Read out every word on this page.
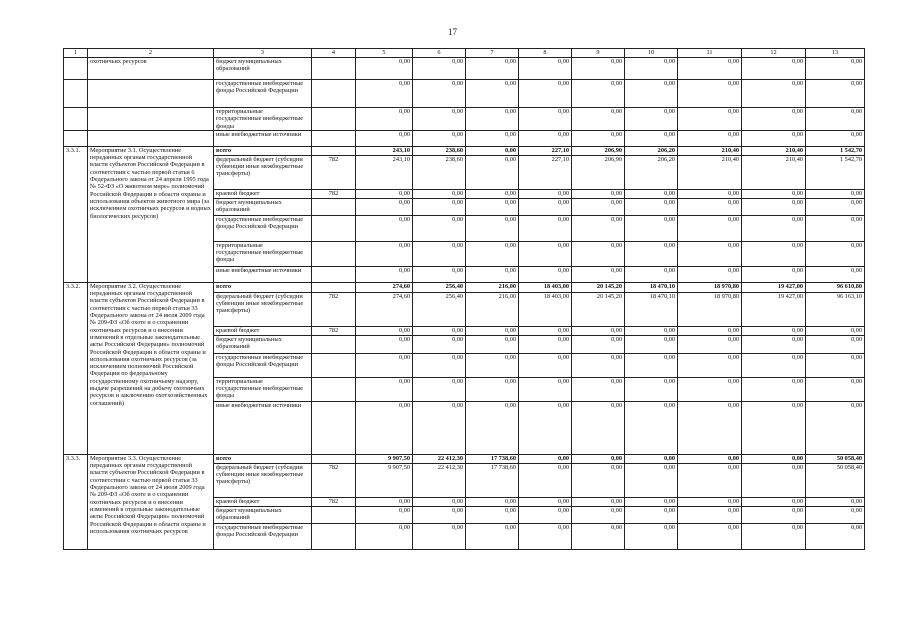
17
1	2	3	4	5	6	7	8	9	10	11	12	13
	охотничьих ресурсов	бюджет муниципальных образований		0,00	0,00	0,00	0,00	0,00	0,00	0,00	0,00	0,00
		государственные внебюджетные фонды Российской Федерации		0,00	0,00	0,00	0,00	0,00	0,00	0,00	0,00	0,00
		территориальные государственные внебюджетные фонды		0,00	0,00	0,00	0,00	0,00	0,00	0,00	0,00	0,00
		иные внебюджетные источники		0,00	0,00	0,00	0,00	0,00	0,00	0,00	0,00	0,00
3.3.1.	Мероприятие 3.1. Осуществление переданных органам государственной власти субъектов Российской Федерации в соответствии с частью первой статьи 6 Федерального закона от 24 апреля 1995 года № 52-ФЗ «О животном мире» полномочий Российской Федерации в области охраны и использования объектов животного мира (за исключением охотничьих ресурсов и водных биологических ресурсов)	всего		243,10	238,60	0,00	227,10	206,90	206,20	210,40	210,40	1 542,70
		федеральный бюджет (субсидии субвенции иные межбюджетные трансферты)	782	243,10	238,60	0,00	227,10	206,90	206,20	210,40	210,40	1 542,70
		краевой бюджет	782	0,00	0,00	0,00	0,00	0,00	0,00	0,00	0,00	0,00
		бюджет муниципальных образований		0,00	0,00	0,00	0,00	0,00	0,00	0,00	0,00	0,00
		государственные внебюджетные фонды Российской Федерации		0,00	0,00	0,00	0,00	0,00	0,00	0,00	0,00	0,00
		территориальные государственные внебюджетные фонды		0,00	0,00	0,00	0,00	0,00	0,00	0,00	0,00	0,00
		иные внебюджетные источники		0,00	0,00	0,00	0,00	0,00	0,00	0,00	0,00	0,00
3.3.2.	Мероприятие 3.2. Осуществление переданных органам государственной власти субъектов Российской Федерации в соответствии с частью первой статьи 33 Федерального закона от 24 июля 2009 года № 209-ФЗ «Об охоте и о сохранении охотничьих ресурсов и о внесении изменений в отдельные законодательные акты Российской Федерации» полномочий Российской Федерации в области охраны и использования охотничьих ресурсов (за исключением полномочий Российской Федерации по федеральному государственному охотничьему надзору, выдаче разрешений на добычу охотничьих ресурсов и заключению охотхозяйственных соглашений)	всего		274,60	256,40	216,00	18 403,00	20 145,20	18 470,10	18 970,80	19 427,00	96 610,80
		федеральный бюджет (субсидии субвенции иные межбюджетные трансферты)	782	274,60	256,40	216,00	18 403,00	20 145,20	18 470,10	18 970,80	19 427,00	96 163,10
		краевой бюджет	782	0,00	0,00	0,00	0,00	0,00	0,00	0,00	0,00	0,00
		бюджет муниципальных образований		0,00	0,00	0,00	0,00	0,00	0,00	0,00	0,00	0,00
		государственные внебюджетные фонды Российской Федерации		0,00	0,00	0,00	0,00	0,00	0,00	0,00	0,00	0,00
		территориальные государственные внебюджетные фонды		0,00	0,00	0,00	0,00	0,00	0,00	0,00	0,00	0,00
		иные внебюджетные источники		0,00	0,00	0,00	0,00	0,00	0,00	0,00	0,00	0,00
3.3.3.	Мероприятие 3.3. Осуществление переданных органам государственной власти субъектов Российской Федерации в соответствии с частью первой статьи 33 Федерального закона от 24 июля 2009 года № 209-ФЗ «Об охоте и о сохранении охотничьих ресурсов и о внесении изменений в отдельные законодательные акты Российской Федерации» полномочий Российской Федерации в области охраны и использования охотничьих ресурсов	всего		9 907,50	22 412,30	17 738,60	0,00	0,00	0,00	0,00	0,00	50 058,40
		федеральный бюджет (субсидии субвенции иные межбюджетные трансферты)	782	9 907,50	22 412,30	17 738,60	0,00	0,00	0,00	0,00	0,00	50 058,40
		краевой бюджет	782	0,00	0,00	0,00	0,00	0,00	0,00	0,00	0,00	0,00
		бюджет муниципальных образований		0,00	0,00	0,00	0,00	0,00	0,00	0,00	0,00	0,00
		государственные внебюджетные фонды Российской Федерации		0,00	0,00	0,00	0,00	0,00	0,00	0,00	0,00	0,00
